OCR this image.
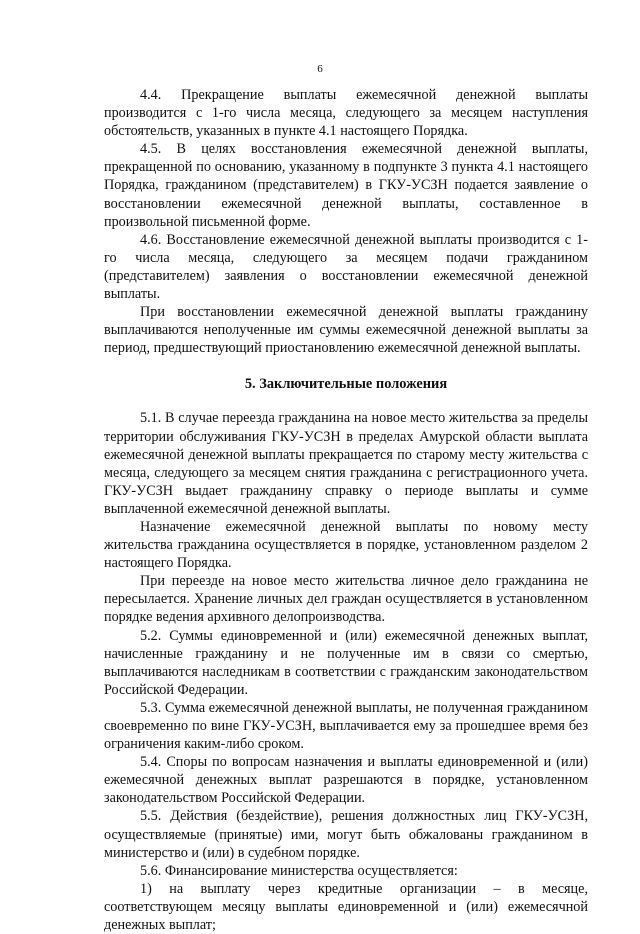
6

4.4. Прекращение выплаты ежемесячной денежной выплаты производится с 1-го числа месяца, следующего за месяцем наступления обстоятельств, указанных в пункте 4.1 настоящего Порядка.

4.5. В целях восстановления ежемесячной денежной выплаты, прекращенной по основанию, указанному в подпункте 3 пункта 4.1 настоящего Порядка, гражданином (представителем) в ГКУ-УСЗН подается заявление о восстановлении ежемесячной денежной выплаты, составленное в произвольной письменной форме.

4.6. Восстановление ежемесячной денежной выплаты производится с 1-го числа месяца, следующего за месяцем подачи гражданином (представителем) заявления о восстановлении ежемесячной денежной выплаты.

При восстановлении ежемесячной денежной выплаты гражданину выплачиваются неполученные им суммы ежемесячной денежной выплаты за период, предшествующий приостановлению ежемесячной денежной выплаты.

5. Заключительные положения

5.1. В случае переезда гражданина на новое место жительства за пределы территории обслуживания ГКУ-УСЗН в пределах Амурской области выплата ежемесячной денежной выплаты прекращается по старому месту жительства с месяца, следующего за месяцем снятия гражданина с регистрационного учета. ГКУ-УСЗН выдает гражданину справку о периоде выплаты и сумме выплаченной ежемесячной денежной выплаты.

Назначение ежемесячной денежной выплаты по новому месту жительства гражданина осуществляется в порядке, установленном разделом 2 настоящего Порядка.

При переезде на новое место жительства личное дело гражданина не пересылается. Хранение личных дел граждан осуществляется в установленном порядке ведения архивного делопроизводства.

5.2. Суммы единовременной и (или) ежемесячной денежных выплат, начисленные гражданину и не полученные им в связи со смертью, выплачиваются наследникам в соответствии с гражданским законодательством Российской Федерации.

5.3. Сумма ежемесячной денежной выплаты, не полученная гражданином своевременно по вине ГКУ-УСЗН, выплачивается ему за прошедшее время без ограничения каким-либо сроком.

5.4. Споры по вопросам назначения и выплаты единовременной и (или) ежемесячной денежных выплат разрешаются в порядке, установленном законодательством Российской Федерации.

5.5. Действия (бездействие), решения должностных лиц ГКУ-УСЗН, осуществляемые (принятые) ими, могут быть обжалованы гражданином в министерство и (или) в судебном порядке.

5.6. Финансирование министерства осуществляется:

1) на выплату через кредитные организации – в месяце, соответствующем месяцу выплаты единовременной и (или) ежемесячной денежных выплат;
